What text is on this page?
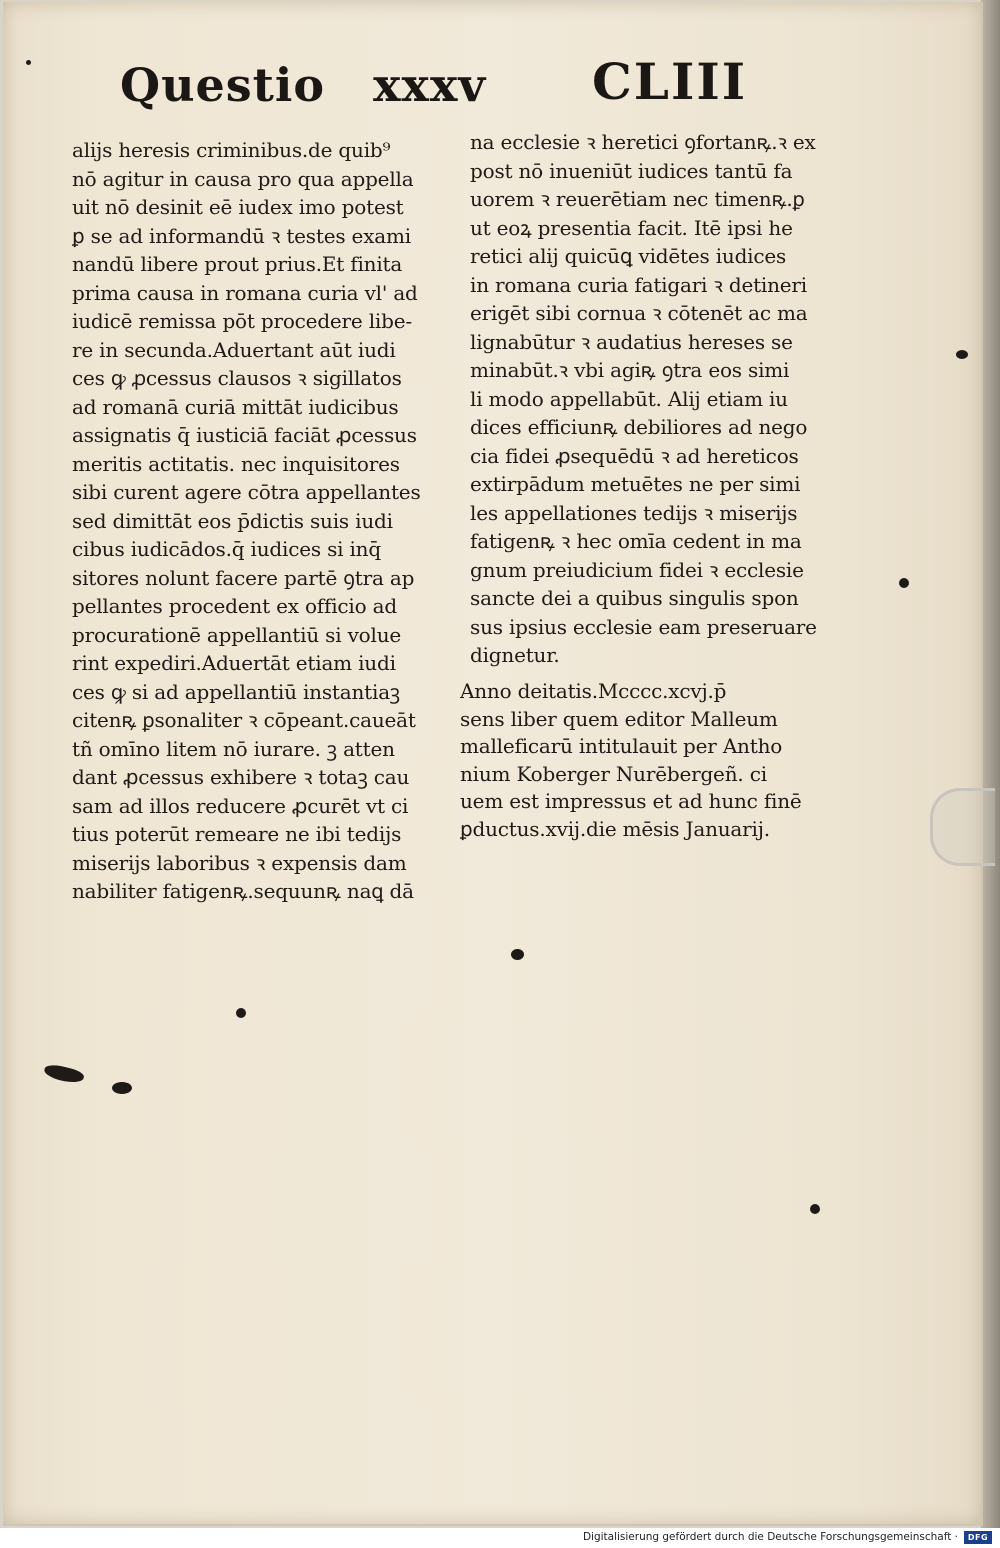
Questio xxxv CLIII
alijs heresis criminibus.de quib⁹
nō agitur in causa pro qua appella
uit nō desinit eē iudex imo potest
ꝑ se ad informandū ꝛ testes exami
nandū libere prout prius.Et finita
prima causa in romana curia vl' ad
iudicē remissa pōt procedere libe-
re in secunda.Aduertant aūt iudi
ces ꝙ ꝓcessus clausos ꝛ sigillatos
ad romanā curiā mittāt iudicibus
assignatis q̄ iusticiā faciāt ꝓcessus
meritis actitatis. nec inquisitores
sibi curent agere cōtra appellantes
sed dimittāt eos p̄dictis suis iudi
cibus iudicādos.q̄ iudices si inq̄
sitores nolunt facere partē ꝯtra ap
pellantes procedent ex officio ad
procurationē appellantiū si volue
rint expediri.Aduertāt etiam iudi
ces ꝙ si ad appellantiū instantiaꝫ
citenꝶ ꝑsonaliter ꝛ cōpeant.caueāt
tñ omīno litem nō iurare. ꝫ atten
dant ꝓcessus exhibere ꝛ totaꝫ cau
sam ad illos reducere ꝓcurēt vt ci
tius poterūt remeare ne ibi tedijs
miserijs laboribus ꝛ expensis dam
nabiliter fatigenꝶ.sequunꝶ naꝗ dā
na ecclesie ꝛ heretici ꝯfortanꝶ.ꝛ ex
post nō inueniūt iudices tantū fa
uorem ꝛ reuerētiam nec timenꝶ.ꝑ
ut eoꝝ presentia facit. Itē ipsi he
retici alij quicūꝗ vidētes iudices
in romana curia fatigari ꝛ detineri
erigēt sibi cornua ꝛ cōtenēt ac ma
lignabūtur ꝛ audatius hereses se
minabūt.ꝛ vbi agiꝶ ꝯtra eos simi
li modo appellabūt. Alij etiam iu
dices efficiunꝶ debiliores ad nego
cia fidei ꝓsequēdū ꝛ ad hereticos
extirpādum metuētes ne per simi
les appellationes tedijs ꝛ miserijs
fatigenꝶ ꝛ hec omīa cedent in ma
gnum preiudicium fidei ꝛ ecclesie
sancte dei a quibus singulis spon
sus ipsius ecclesie eam preseruare
dignetur.
Anno deitatis.Mcccc.xcvj.p̄
sens liber quem editor Malleum
malleficarū intitulauit per Antho
nium Koberger Nurēbergeñ. ci
uem est impressus et ad hunc finē
ꝑductus.xvij.die mēsis Januarij.
Digitalisierung gefördert durch die Deutsche Forschungsgemeinschaft ·	DFG
